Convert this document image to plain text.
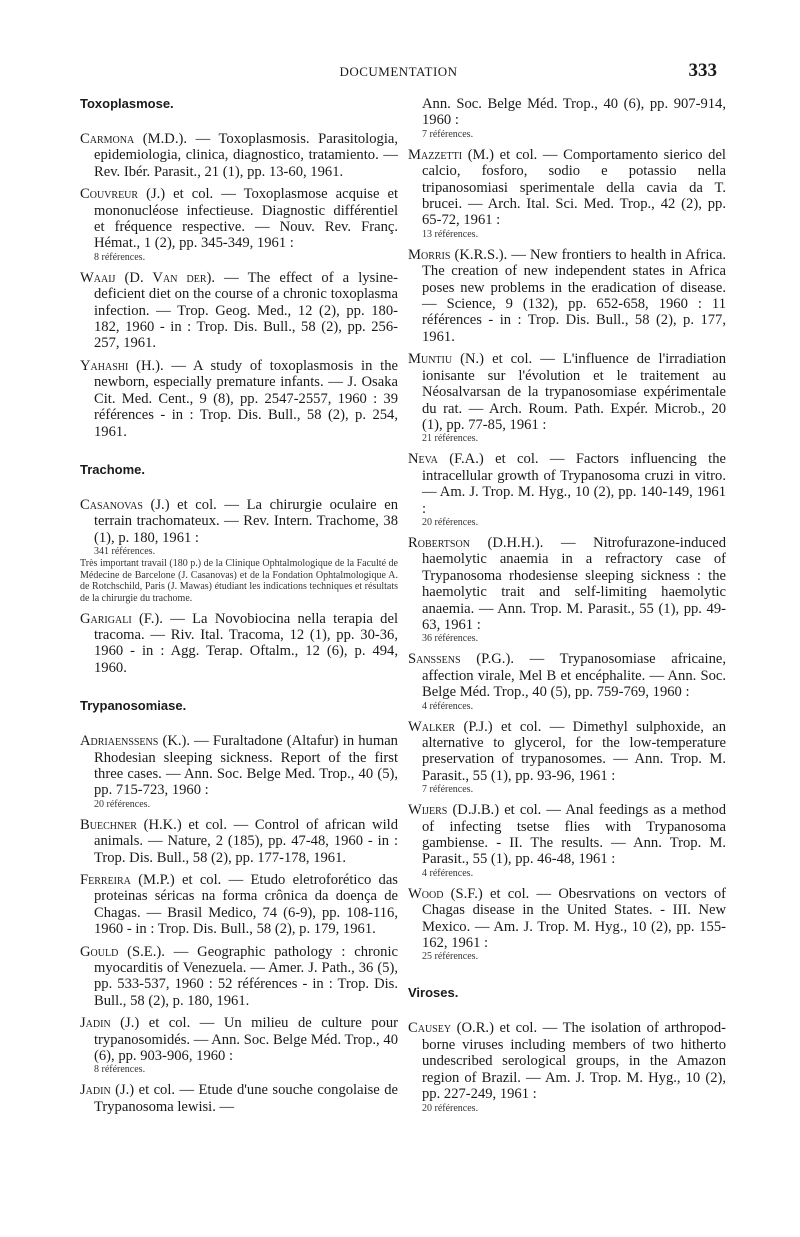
DOCUMENTATION	333
Toxoplasmose.

Carmona (M.D.). — Toxoplasmosis. Parasitologia, epidemiologia, clinica, diagnostico, tratamiento. — Rev. Ibér. Parasit., 21 (1), pp. 13-60, 1961.

Couvreur (J.) et col. — Toxoplasmose acquise et mononucléose infectieuse. Diagnostic différentiel et fréquence respective. — Nouv. Rev. Franç. Hémat., 1 (2), pp. 345-349, 1961 :

8 références.

Waaij (D. Van der). — The effect of a lysine-deficient diet on the course of a chronic toxoplasma infection. — Trop. Geog. Med., 12 (2), pp. 180-182, 1960 - in : Trop. Dis. Bull., 58 (2), pp. 256-257, 1961.

Yahashi (H.). — A study of toxoplasmosis in the newborn, especially premature infants. — J. Osaka Cit. Med. Cent., 9 (8), pp. 2547-2557, 1960 : 39 références - in : Trop. Dis. Bull., 58 (2), p. 254, 1961.

Trachome.

Casanovas (J.) et col. — La chirurgie oculaire en terrain trachomateux. — Rev. Intern. Trachome, 38 (1), p. 180, 1961 :

341 références.

Très important travail (180 p.) de la Clinique Ophtalmologique de la Faculté de Médecine de Barcelone (J. Casanovas) et de la Fondation Ophtalmologique A. de Rotchschild, Paris (J. Mawas) étudiant les indications techniques et résultats de la chirurgie du trachome.

Garigali (F.). — La Novobiocina nella terapia del tracoma. — Riv. Ital. Tracoma, 12 (1), pp. 30-36, 1960 - in : Agg. Terap. Oftalm., 12 (6), p. 494, 1960.

Trypanosomiase.

Adriaenssens (K.). — Furaltadone (Altafur) in human Rhodesian sleeping sickness. Report of the first three cases. — Ann. Soc. Belge Med. Trop., 40 (5), pp. 715-723, 1960 :

20 références.

Buechner (H.K.) et col. — Control of african wild animals. — Nature, 2 (185), pp. 47-48, 1960 - in : Trop. Dis. Bull., 58 (2), pp. 177-178, 1961.

Ferreira (M.P.) et col. — Etudo eletroforético das proteinas séricas na forma crônica da doença de Chagas. — Brasil Medico, 74 (6-9), pp. 108-116, 1960 - in : Trop. Dis. Bull., 58 (2), p. 179, 1961.

Gould (S.E.). — Geographic pathology : chronic myocarditis of Venezuela. — Amer. J. Path., 36 (5), pp. 533-537, 1960 : 52 références - in : Trop. Dis. Bull., 58 (2), p. 180, 1961.

Jadin (J.) et col. — Un milieu de culture pour trypanosomidés. — Ann. Soc. Belge Méd. Trop., 40 (6), pp. 903-906, 1960 :

8 références.

Jadin (J.) et col. — Etude d'une souche congolaise de Trypanosoma lewisi. —

Ann. Soc. Belge Méd. Trop., 40 (6), pp. 907-914, 1960 :

7 références.

Mazzetti (M.) et col. — Comportamento sierico del calcio, fosforo, sodio e potassio nella tripanosomiasi sperimentale della cavia da T. brucei. — Arch. Ital. Sci. Med. Trop., 42 (2), pp. 65-72, 1961 :

13 références.

Morris (K.R.S.). — New frontiers to health in Africa. The creation of new independent states in Africa poses new problems in the eradication of disease. — Science, 9 (132), pp. 652-658, 1960 : 11 références - in : Trop. Dis. Bull., 58 (2), p. 177, 1961.

Muntiu (N.) et col. — L'influence de l'irradiation ionisante sur l'évolution et le traitement au Néosalvarsan de la trypanosomiase expérimentale du rat. — Arch. Roum. Path. Expér. Microb., 20 (1), pp. 77-85, 1961 :

21 références.

Neva (F.A.) et col. — Factors influencing the intracellular growth of Trypanosoma cruzi in vitro. — Am. J. Trop. M. Hyg., 10 (2), pp. 140-149, 1961 :

20 références.

Robertson (D.H.H.). — Nitrofurazone-induced haemolytic anaemia in a refractory case of Trypanosoma rhodesiense sleeping sickness : the haemolytic trait and self-limiting haemolytic anaemia. — Ann. Trop. M. Parasit., 55 (1), pp. 49-63, 1961 :

36 références.

Sanssens (P.G.). — Trypanosomiase africaine, affection virale, Mel B et encéphalite. — Ann. Soc. Belge Méd. Trop., 40 (5), pp. 759-769, 1960 :

4 références.

Walker (P.J.) et col. — Dimethyl sulphoxide, an alternative to glycerol, for the low-temperature preservation of trypanosomes. — Ann. Trop. M. Parasit., 55 (1), pp. 93-96, 1961 :

7 références.

Wijers (D.J.B.) et col. — Anal feedings as a method of infecting tsetse flies with Trypanosoma gambiense. - II. The results. — Ann. Trop. M. Parasit., 55 (1), pp. 46-48, 1961 :

4 références.

Wood (S.F.) et col. — Obesrvations on vectors of Chagas disease in the United States. - III. New Mexico. — Am. J. Trop. M. Hyg., 10 (2), pp. 155-162, 1961 :

25 références.

Viroses.

Causey (O.R.) et col. — The isolation of arthropod-borne viruses including members of two hitherto undescribed serological groups, in the Amazon region of Brazil. — Am. J. Trop. M. Hyg., 10 (2), pp. 227-249, 1961 :

20 références.
